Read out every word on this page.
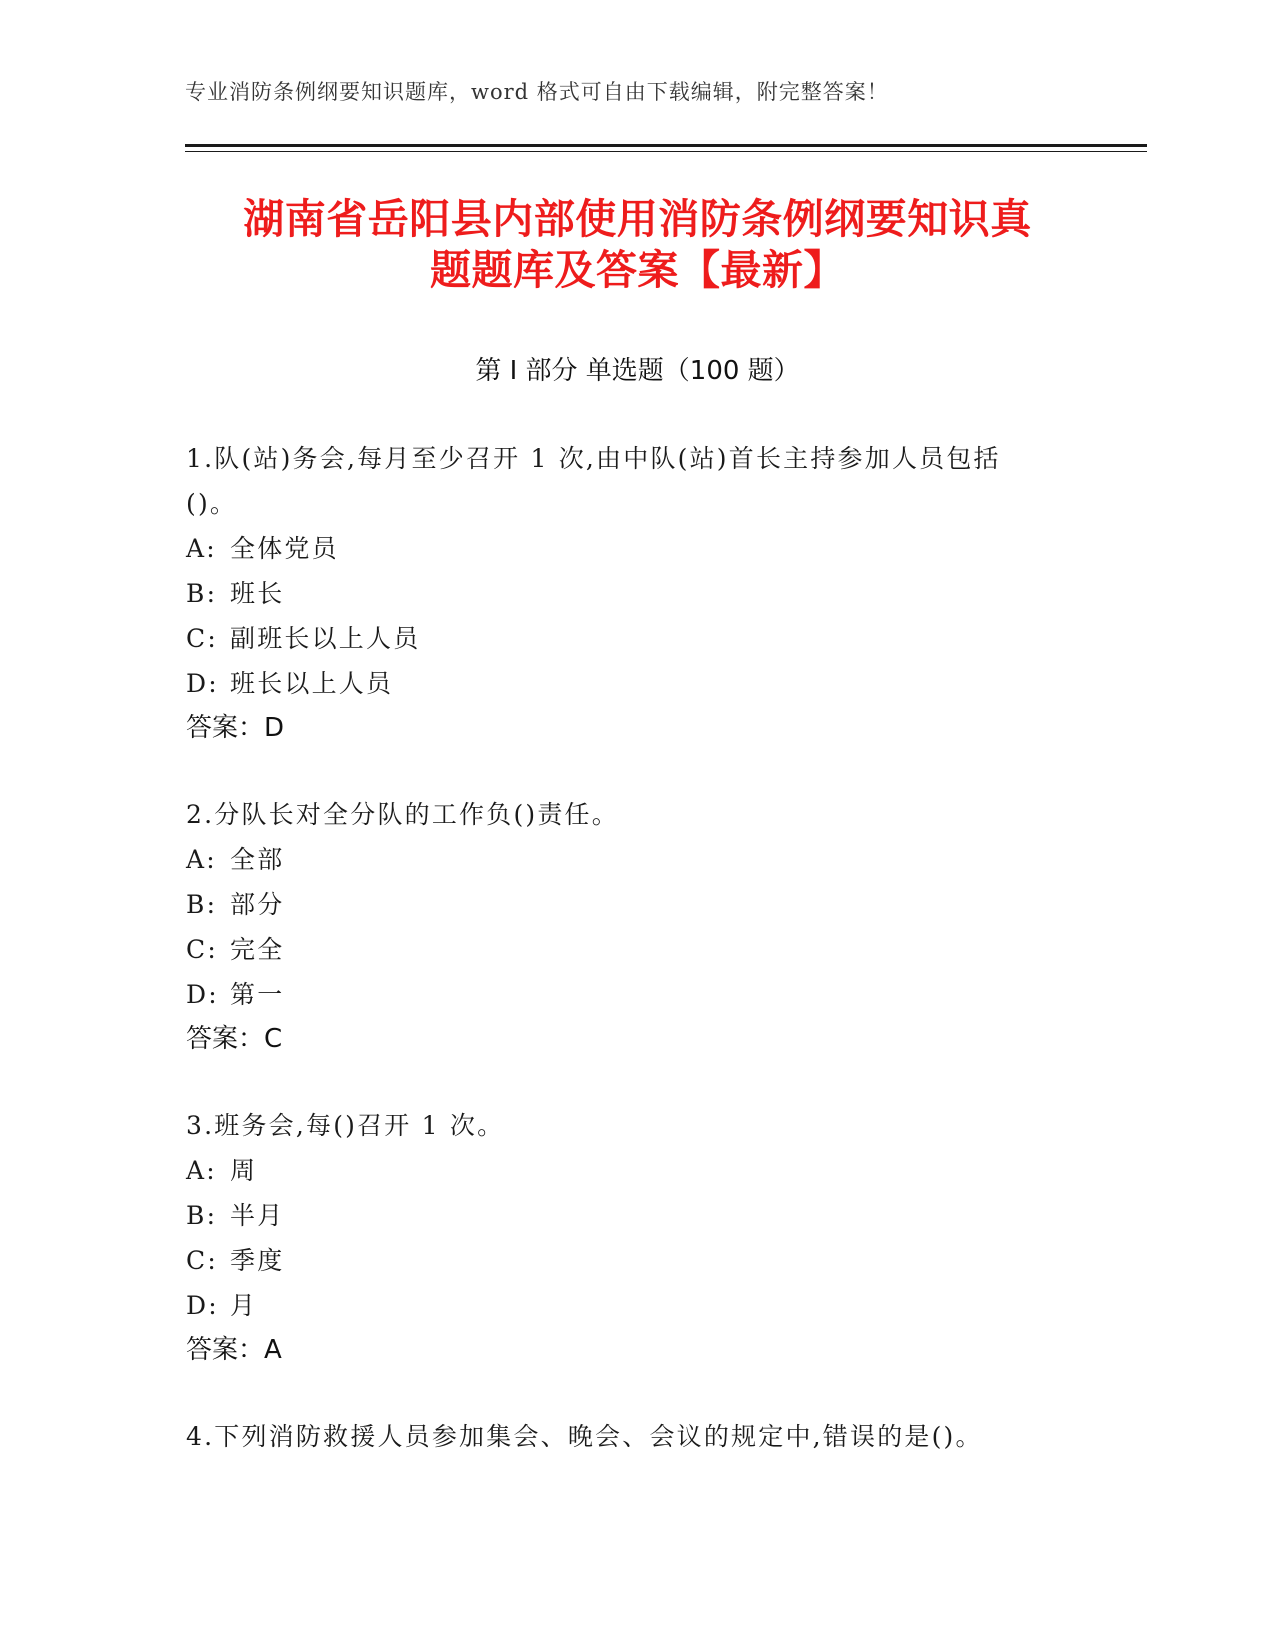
专业消防条例纲要知识题库，word 格式可自由下载编辑，附完整答案！
湖南省岳阳县内部使用消防条例纲要知识真
题题库及答案【最新】
第 I 部分 单选题（100 题）
1.队(站)务会,每月至少召开 1 次,由中队(站)首长主持参加人员包括
()。
A: 全体党员
B: 班长
C: 副班长以上人员
D: 班长以上人员
答案：D
2.分队长对全分队的工作负()责任。
A: 全部
B: 部分
C: 完全
D: 第一
答案：C
3.班务会,每()召开 1 次。
A: 周
B: 半月
C: 季度
D: 月
答案：A
4.下列消防救援人员参加集会、晚会、会议的规定中,错误的是()。
